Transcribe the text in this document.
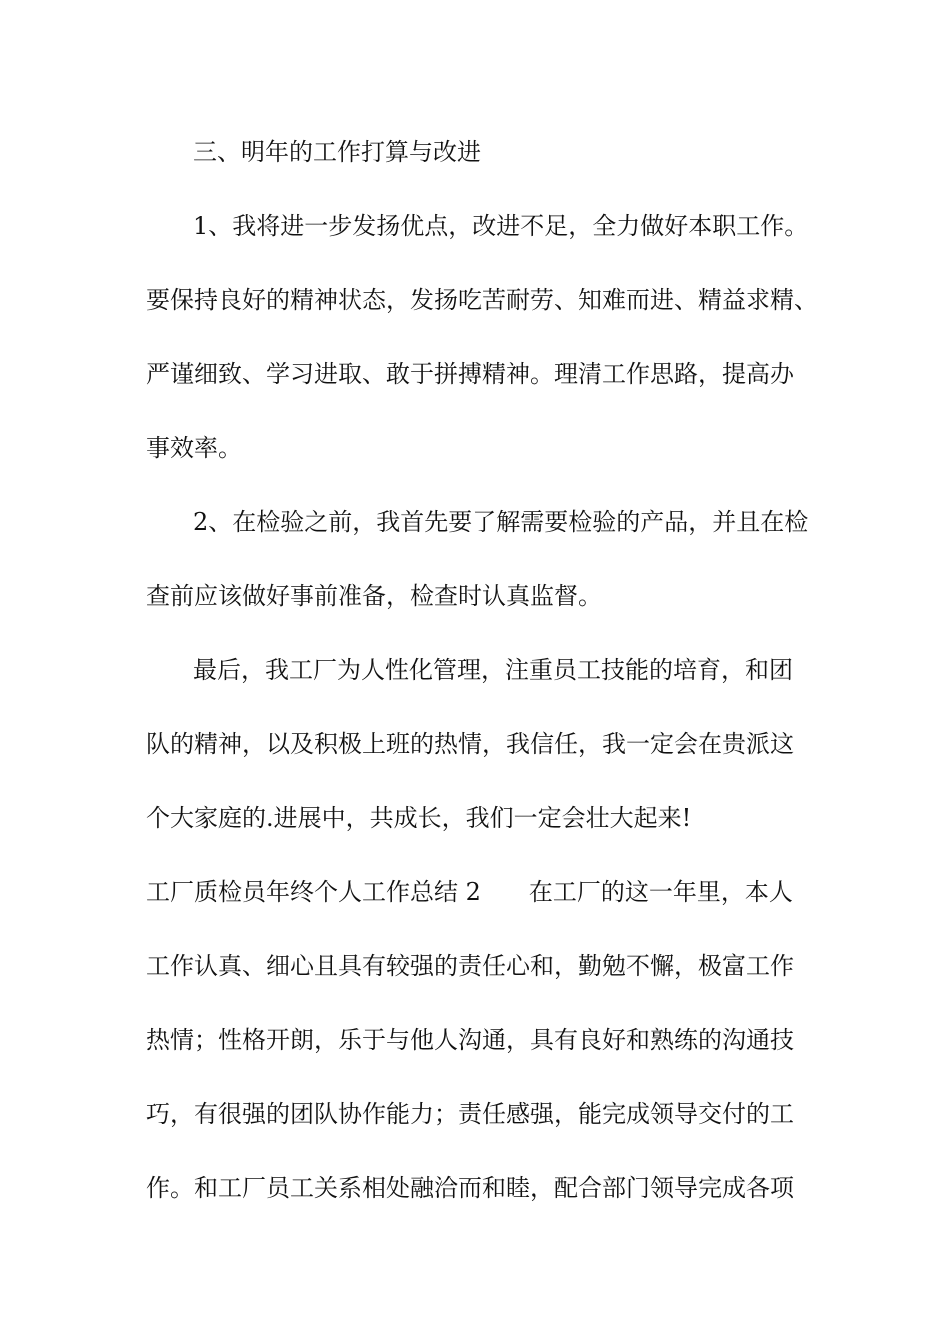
三、明年的工作打算与改进

1、我将进一步发扬优点，改进不足，全力做好本职工作。

要保持良好的精神状态，发扬吃苦耐劳、知难而进、精益求精、

严谨细致、学习进取、敢于拼搏精神。理清工作思路，提高办

事效率。

2、在检验之前，我首先要了解需要检验的产品，并且在检

查前应该做好事前准备，检查时认真监督。

最后，我工厂为人性化管理，注重员工技能的培育，和团

队的精神，以及积极上班的热情，我信任，我一定会在贵派这

个大家庭的.进展中，共成长，我们一定会壮大起来!

工厂质检员年终个人工作总结 2 在工厂的这一年里，本人

工作认真、细心且具有较强的责任心和，勤勉不懈，极富工作

热情；性格开朗，乐于与他人沟通，具有良好和熟练的沟通技

巧，有很强的团队协作能力；责任感强，能完成领导交付的工

作。和工厂员工关系相处融洽而和睦，配合部门领导完成各项
